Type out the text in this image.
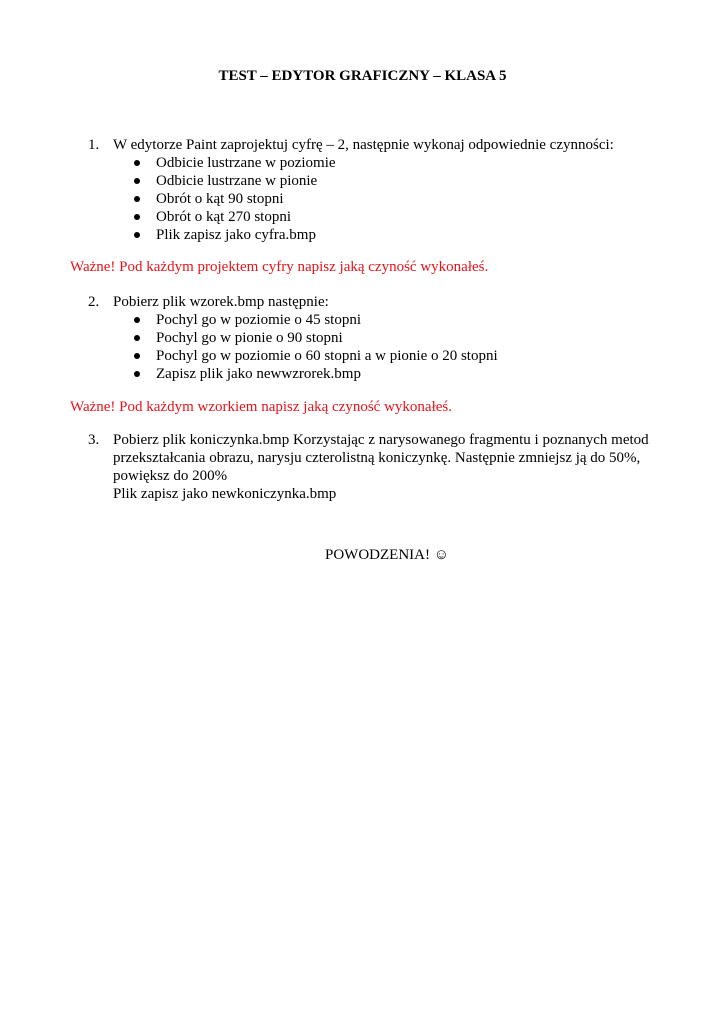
TEST – EDYTOR GRAFICZNY – KLASA 5
1. W edytorze Paint zaprojektuj cyfrę – 2, następnie wykonaj odpowiednie czynności:
Odbicie lustrzane w poziomie
Odbicie lustrzane w pionie
Obrót o kąt 90 stopni
Obrót o kąt 270 stopni
Plik zapisz jako cyfra.bmp
Ważne! Pod każdym projektem cyfry napisz jaką czyność wykonałeś.
2. Pobierz plik wzorek.bmp następnie:
Pochyl go w poziomie o 45 stopni
Pochyl go w pionie o 90 stopni
Pochyl go w poziomie o 60 stopni a w pionie o 20 stopni
Zapisz plik jako newwzrorek.bmp
Ważne! Pod każdym wzorkiem napisz jaką czyność wykonałeś.
3. Pobierz plik koniczynka.bmp Korzystając z narysowanego fragmentu i poznanych metod
przekształcania obrazu, narysju czterolistną koniczynkę. Następnie zmniejsz ją do 50%,
powiększ do 200%
Plik zapisz jako newkoniczynka.bmp
POWODZENIA! ☺
